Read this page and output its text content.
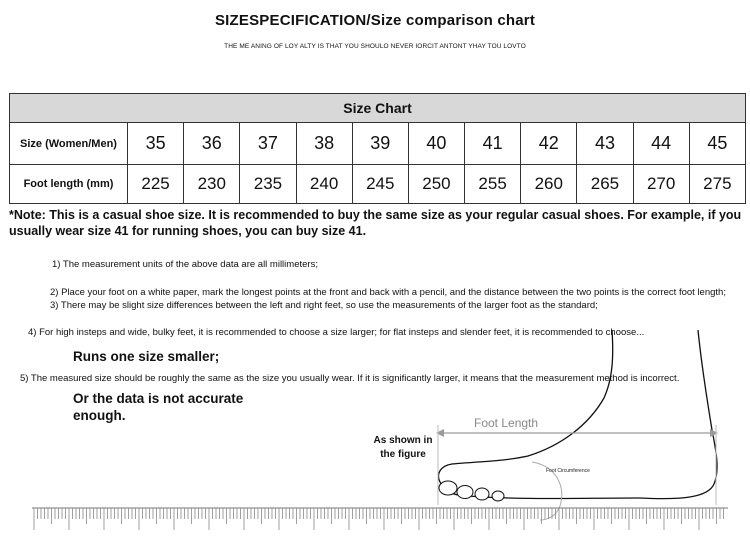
SIZESPECIFICATION/Size comparison chart
THE ME ANING OF LOY ALTY IS THAT YOU SHOULO NEVER IORCIT ANTONT YHAY TOU LOVTO
Size Chart											
Size (Women/Men)	35	36	37	38	39	40	41	42	43	44	45
Foot length (mm)	225	230	235	240	245	250	255	260	265	270	275
*Note: This is a casual shoe size. It is recommended to buy the same size as your regular casual shoes. For example, if you usually wear size 41 for running shoes, you can buy size 41.
1) The measurement units of the above data are all millimeters;
2) Place your foot on a white paper, mark the longest points at the front and back with a pencil, and the distance between the two points is the correct foot length; 3) There may be slight size differences between the left and right feet, so use the measurements of the larger foot as the standard;
4) For high insteps and wide, bulky feet, it is recommended to choose a size larger; for flat insteps and slender feet, it is recommended to choose...
Runs one size smaller;
5) The measured size should be roughly the same as the size you usually wear. If it is significantly larger, it means that the measurement method is incorrect.
Or the data is not accurate enough.	Foot Length
Foot Circumference
As shown in the figure
